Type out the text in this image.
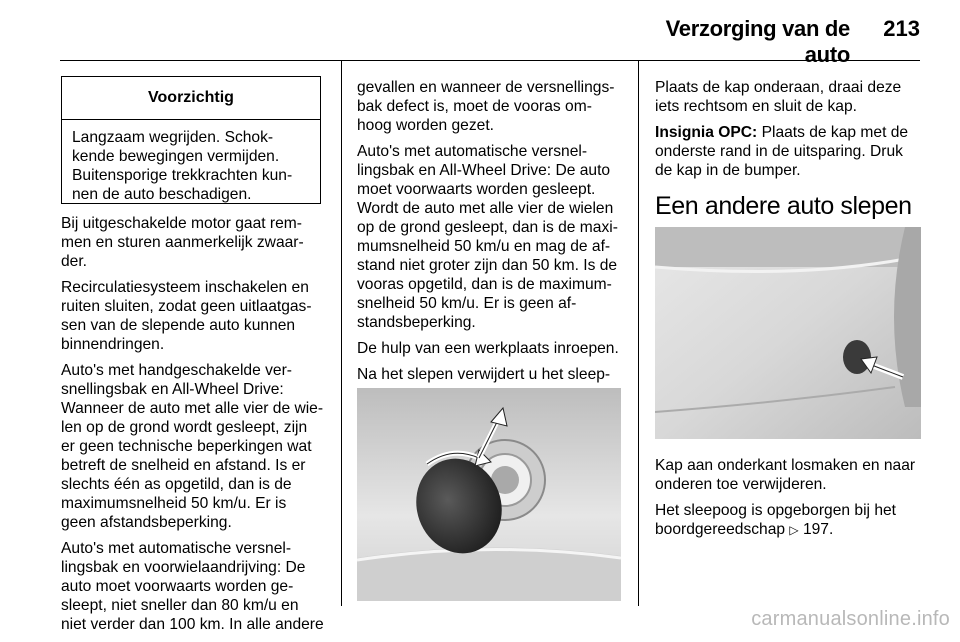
Verzorging van de auto
213
Voorzichtig
Langzaam wegrijden. Schok-
kende bewegingen vermijden.
Buitensporige trekkrachten kun-
nen de auto beschadigen.

Bij uitgeschakelde motor gaat rem-
men en sturen aanmerkelijk zwaar-
der.

Recirculatiesysteem inschakelen en
ruiten sluiten, zodat geen uitlaatgas-
sen van de slepende auto kunnen
binnendringen.

Auto's met handgeschakelde ver-
snellingsbak en All-Wheel Drive:
Wanneer de auto met alle vier de wie-
len op de grond wordt gesleept, zijn
er geen technische beperkingen wat
betreft de snelheid en afstand. Is er
slechts één as opgetild, dan is de
maximumsnelheid 50 km/u. Er is
geen afstandsbeperking.

Auto's met automatische versnel-
lingsbak en voorwielaandrijving: De
auto moet voorwaarts worden ge-
sleept, niet sneller dan 80 km/u en
niet verder dan 100 km. In alle andere

gevallen en wanneer de versnellings-
bak defect is, moet de vooras om-
hoog worden gezet.

Auto's met automatische versnel-
lingsbak en All-Wheel Drive: De auto
moet voorwaarts worden gesleept.
Wordt de auto met alle vier de wielen
op de grond gesleept, dan is de maxi-
mumsnelheid 50 km/u en mag de af-
stand niet groter zijn dan 50 km. Is de
vooras opgetild, dan is de maximum-
snelheid 50 km/u. Er is geen af-
standsbeperking.

De hulp van een werkplaats inroepen.

Na het slepen verwijdert u het sleep-

Plaats de kap onderaan, draai deze
iets rechtsom en sluit de kap.

Insignia OPC: Plaats de kap met de
onderste rand in de uitsparing. Druk
de kap in de bumper.

Een andere auto slepen

Kap aan onderkant losmaken en naar
onderen toe verwijderen.

Het sleepoog is opgeborgen bij het
boordgereedschap ▷ 197.

carmanualsonline.info
